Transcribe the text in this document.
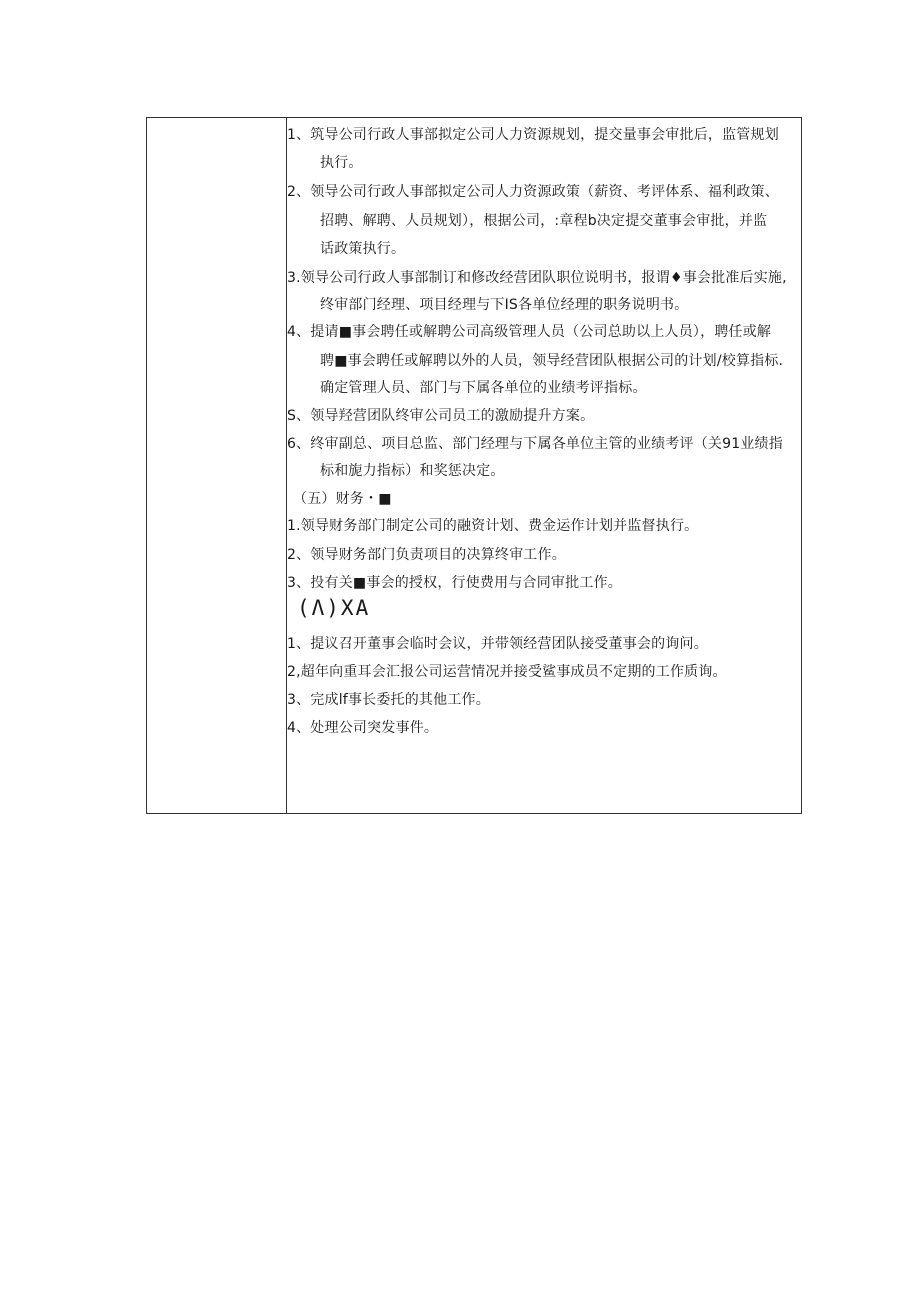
1、筑导公司行政人事部拟定公司人力资源规划，提交量事会审批后，监管规划
执行。
2、领导公司行政人事部拟定公司人力资源政策（薪资、考评体系、福利政策、
招聘、解聘、人员规划），根据公司，:章程b决定提交董事会审批，并监
话政策执行。
3.领导公司行政人事部制订和修改经营团队职位说明书，报谓♦事会批准后实施,
终审部门经理、项目经理与下IS各单位经理的职务说明书。
4、提请■事会聘任或解聘公司高级管理人员（公司总助以上人员），聘任或解
聘■事会聘任或解聘以外的人员，领导经营团队根据公司的计划/校算指标.
确定管理人员、部门与下属各单位的业绩考评指标。
S、领导羟营团队终审公司员工的激励提升方案。
6、终审副总、项目总监、部门经理与下属各单位主管的业绩考评（关91业绩指
标和旎力指标）和奖惩决定。
（五）财务・■
1.领导财务部门制定公司的融资计划、费金运作计划并监督执行。
2、领导财务部门负责项目的决算终审工作。
3、投有关■事会的授权，行使费用与合同审批工作。
(Λ)XA
1、提议召开董事会临时会议，并带领经营团队接受董事会的询问。
2,超年向重耳会汇报公司运营情况并接受鲨事成员不定期的工作质询。
3、完成lf事长委托的其他工作。
4、处理公司突发事件。
